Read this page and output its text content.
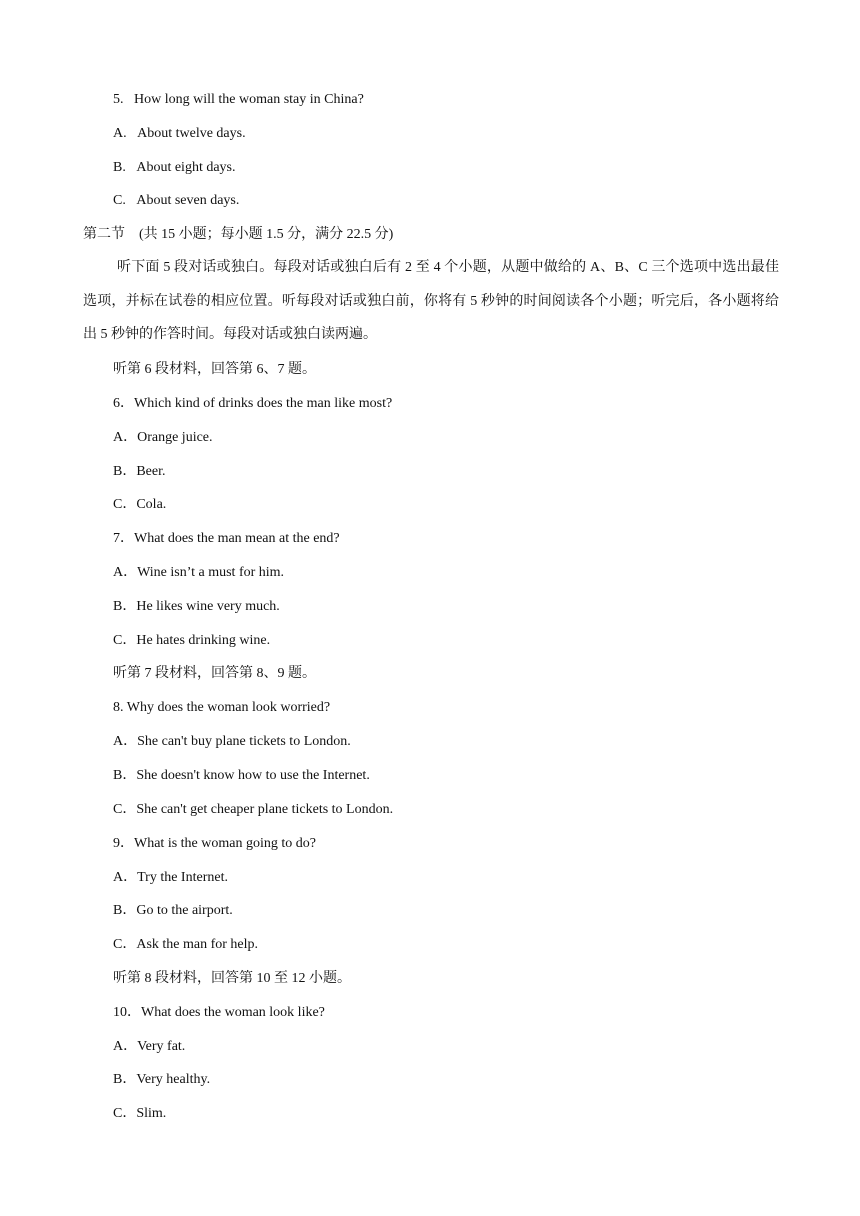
5.   How long will the woman stay in China?
A.   About twelve days.
B.   About eight days.
C.   About seven days.
第二节    (共 15 小题；每小题 1.5 分，满分 22.5 分)
听下面 5 段对话或独白。每段对话或独白后有 2 至 4 个小题，从题中做给的 A、B、C 三个选项中选出最佳选项，并标在试卷的相应位置。听每段对话或独白前，你将有 5 秒钟的时间阅读各个小题；听完后，各小题将给出 5 秒钟的作答时间。每段对话或独白读两遍。
听第 6 段材料，回答第 6、7 题。
6．Which kind of drinks does the man like most?
A．Orange juice.
B．Beer.
C．Cola.
7．What does the man mean at the end?
A．Wine isn’t a must for him.
B．He likes wine very much.
C．He hates drinking wine.
听第 7 段材料，回答第 8、9 题。
8. Why does the woman look worried?
A．She can't buy plane tickets to London.
B．She doesn't know how to use the Internet.
C．She can't get cheaper plane tickets to London.
9．What is the woman going to do?
A．Try the Internet.
B．Go to the airport.
C．Ask the man for help.
听第 8 段材料，回答第 10 至 12 小题。
10．What does the woman look like?
A．Very fat.
B．Very healthy.
C．Slim.
